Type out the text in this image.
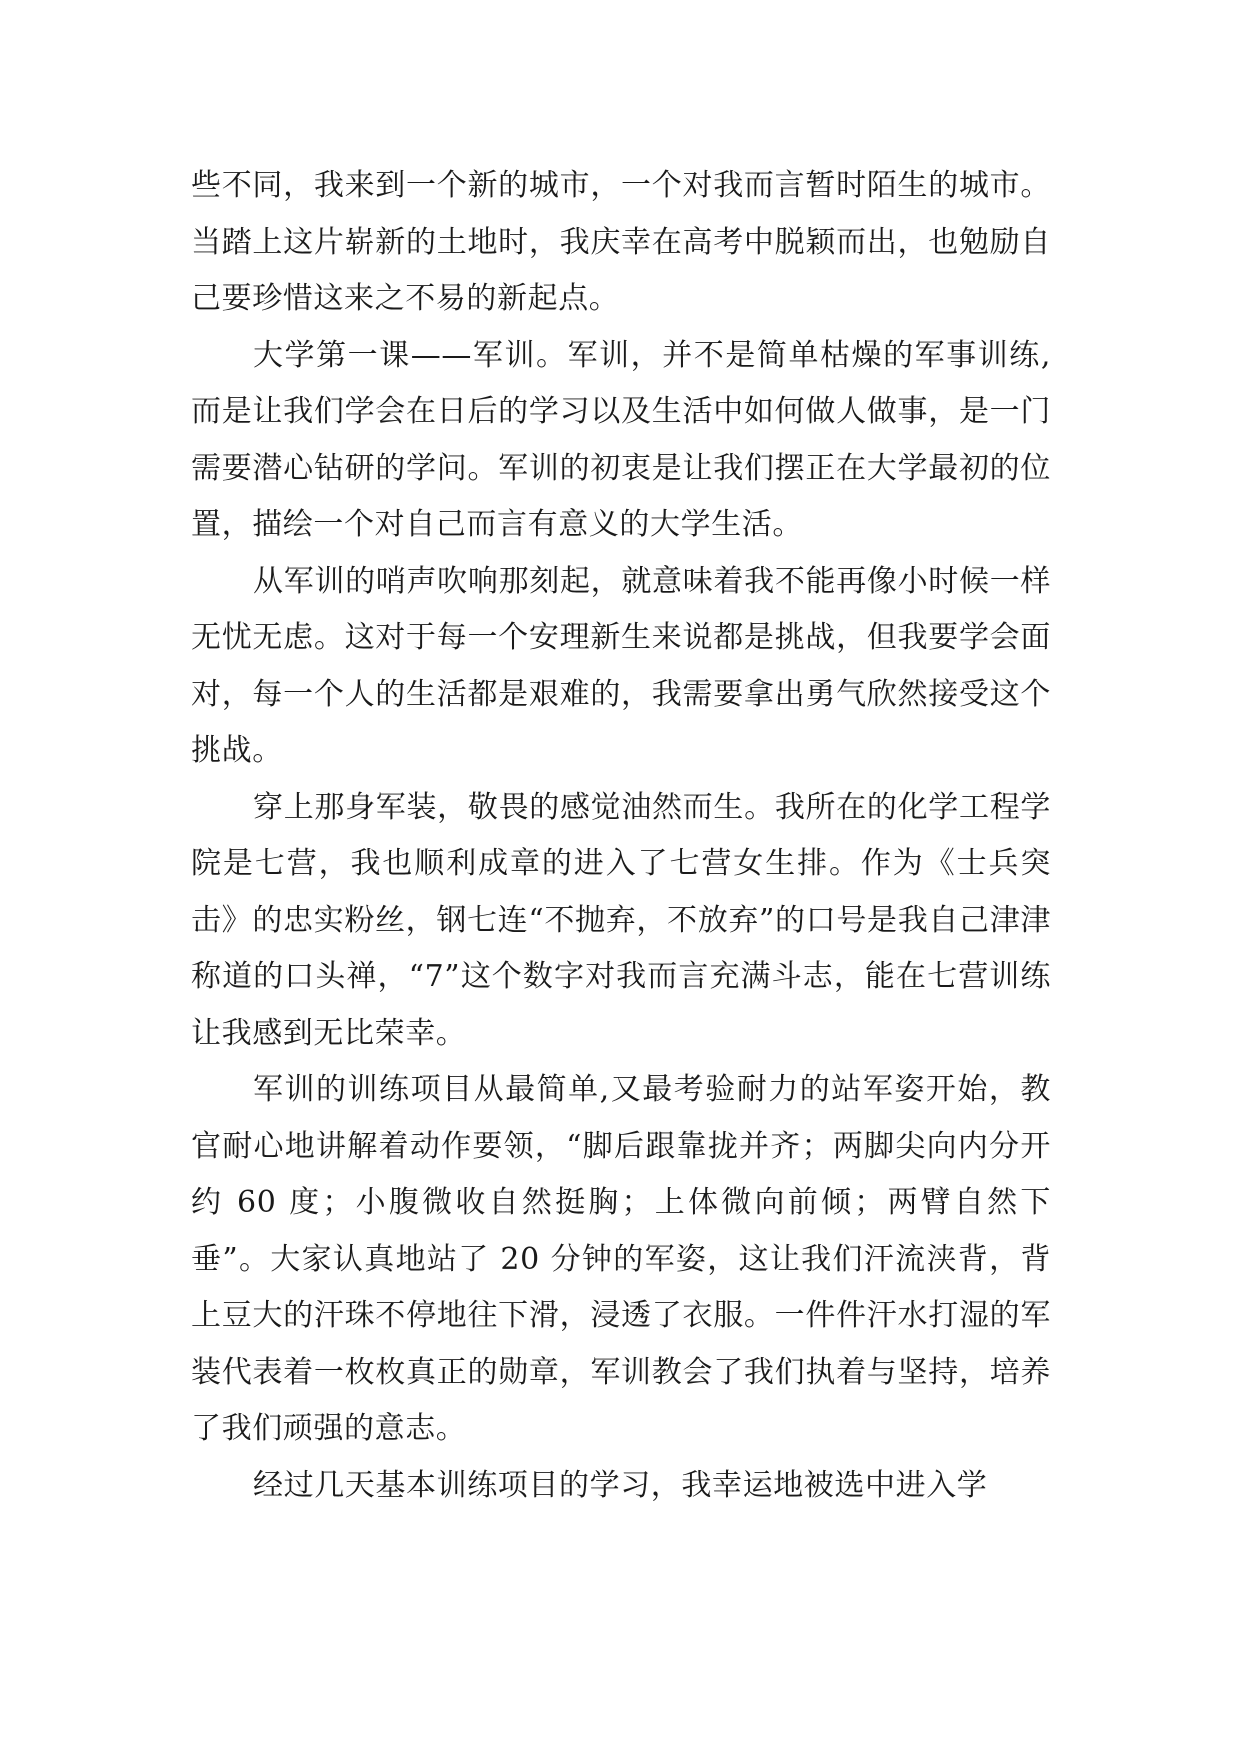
些不同，我来到一个新的城市，一个对我而言暂时陌生的城市。当踏上这片崭新的土地时，我庆幸在高考中脱颖而出，也勉励自己要珍惜这来之不易的新起点。

大学第一课——军训。军训，并不是简单枯燥的军事训练,而是让我们学会在日后的学习以及生活中如何做人做事，是一门需要潜心钻研的学问。军训的初衷是让我们摆正在大学最初的位置，描绘一个对自己而言有意义的大学生活。

从军训的哨声吹响那刻起，就意味着我不能再像小时候一样无忧无虑。这对于每一个安理新生来说都是挑战，但我要学会面对，每一个人的生活都是艰难的，我需要拿出勇气欣然接受这个挑战。

穿上那身军装，敬畏的感觉油然而生。我所在的化学工程学院是七营，我也顺利成章的进入了七营女生排。作为《士兵突击》的忠实粉丝，钢七连“不抛弃，不放弃”的口号是我自己津津称道的口头禅，“7”这个数字对我而言充满斗志，能在七营训练让我感到无比荣幸。

军训的训练项目从最简单,又最考验耐力的站军姿开始，教官耐心地讲解着动作要领，“脚后跟靠拢并齐；两脚尖向内分开约 60 度；小腹微收自然挺胸；上体微向前倾；两臂自然下垂”。大家认真地站了 20 分钟的军姿，这让我们汗流浃背，背上豆大的汗珠不停地往下滑，浸透了衣服。一件件汗水打湿的军装代表着一枚枚真正的勋章，军训教会了我们执着与坚持，培养了我们顽强的意志。

经过几天基本训练项目的学习，我幸运地被选中进入学
